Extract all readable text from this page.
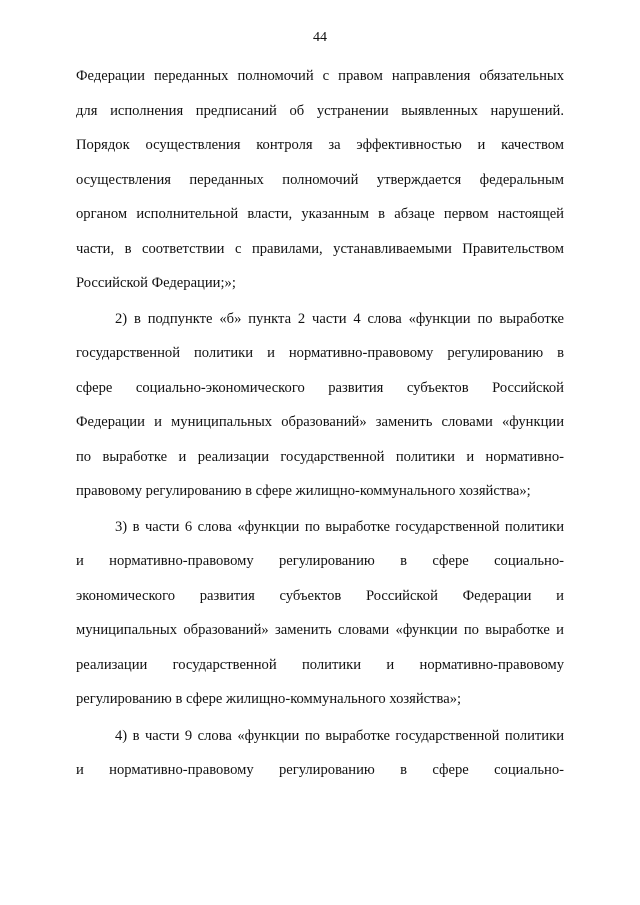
44
Федерации переданных полномочий с правом направления обязательных
для исполнения предписаний об устранении выявленных нарушений.
Порядок осуществления контроля за эффективностью и качеством
осуществления переданных полномочий утверждается федеральным
органом исполнительной власти, указанным в абзаце первом настоящей
части, в соответствии с правилами, устанавливаемыми Правительством
Российской Федерации;»;
2) в подпункте «б» пункта 2 части 4 слова «функции по выработке
государственной политики и нормативно-правовому регулированию в
сфере социально-экономического развития субъектов Российской
Федерации и муниципальных образований» заменить словами «функции
по выработке и реализации государственной политики и нормативно-
правовому регулированию в сфере жилищно-коммунального хозяйства»;
3) в части 6 слова «функции по выработке государственной политики
и нормативно-правовому регулированию в сфере социально-
экономического развития субъектов Российской Федерации и
муниципальных образований» заменить словами «функции по выработке и
реализации государственной политики и нормативно-правовому
регулированию в сфере жилищно-коммунального хозяйства»;
4) в части 9 слова «функции по выработке государственной политики
и нормативно-правовому регулированию в сфере социально-
